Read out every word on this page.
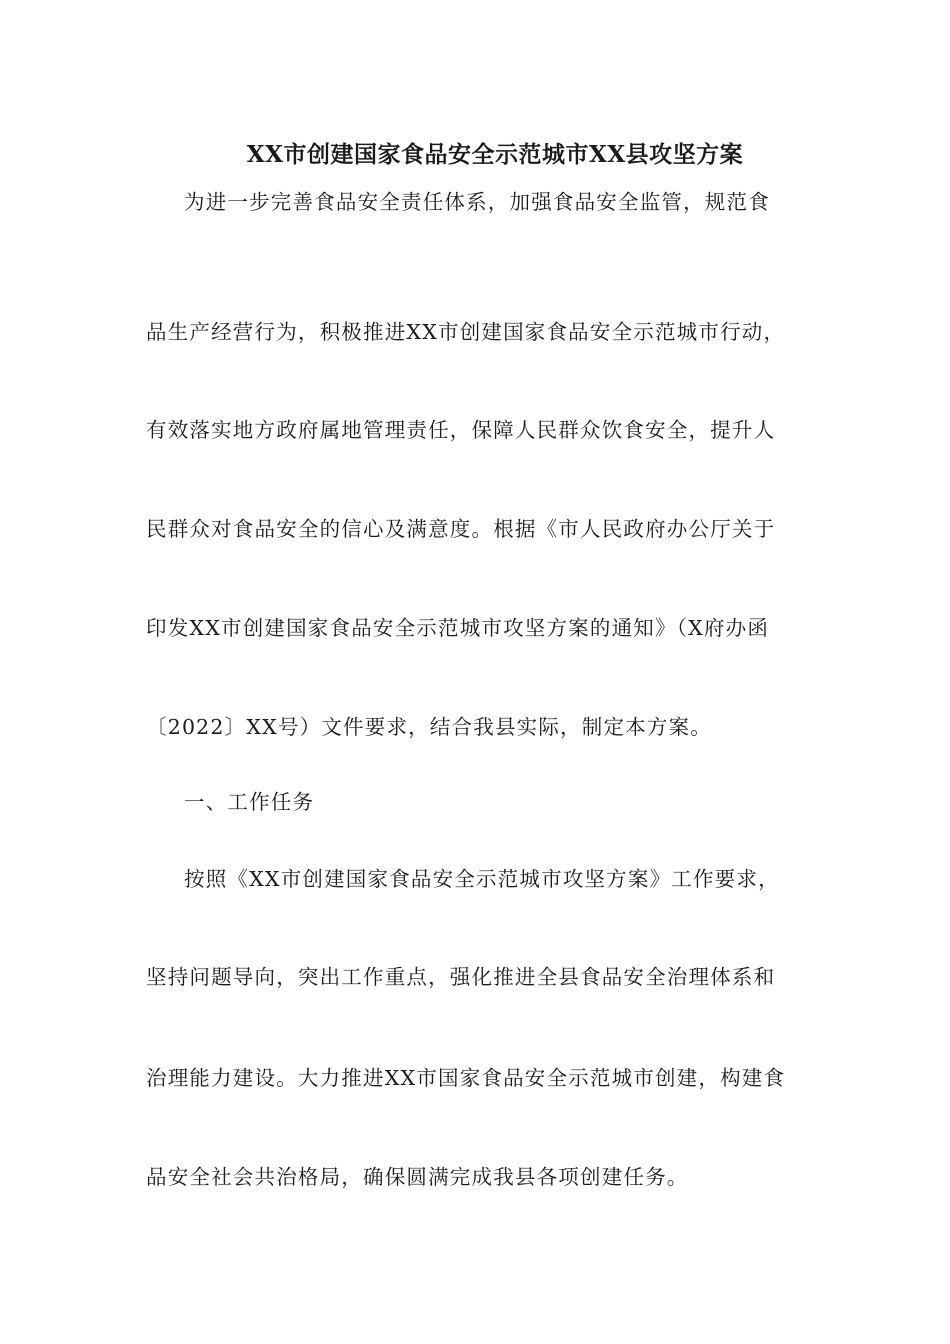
XX市创建国家食品安全示范城市XX县攻坚方案
为进一步完善食品安全责任体系，加强食品安全监管，规范食
品生产经营行为，积极推进XX市创建国家食品安全示范城市行动，
有效落实地方政府属地管理责任，保障人民群众饮食安全，提升人
民群众对食品安全的信心及满意度。根据《市人民政府办公厅关于
印发XX市创建国家食品安全示范城市攻坚方案的通知》（X府办函
〔2022〕XX号）文件要求，结合我县实际，制定本方案。
一、工作任务
按照《XX市创建国家食品安全示范城市攻坚方案》工作要求，
坚持问题导向，突出工作重点，强化推进全县食品安全治理体系和
治理能力建设。大力推进XX市国家食品安全示范城市创建，构建食
品安全社会共治格局，确保圆满完成我县各项创建任务。
